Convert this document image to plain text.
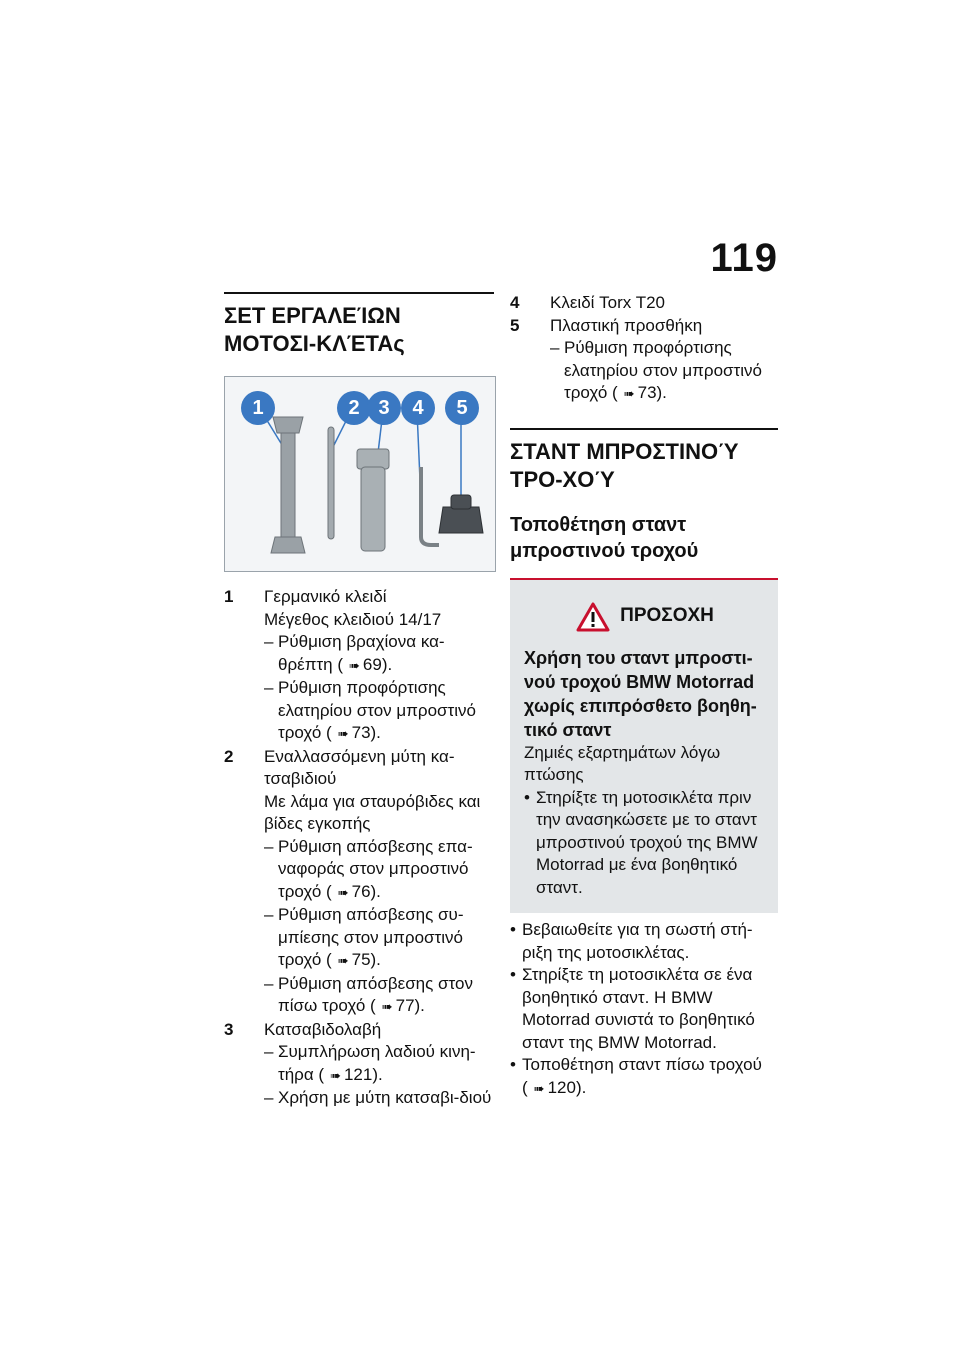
119
ΣΕΤ ΕΡΓΑΛΕΊΩΝ ΜΟΤΟΣΙ-ΚΛΈΤΑς
1	2 3	4	5
1	Γερμανικό κλειδί
Μέγεθος κλειδιού 14/17
– Ρύθμιση βραχίονα κα-θρέπτη ( ➠ 69).
– Ρύθμιση προφόρτισης ελατηρίου στον μπροστινό τροχό ( ➠ 73).
2	Εναλλασσόμενη μύτη κα-τσαβιδιού
Με λάμα για σταυρόβιδες και βίδες εγκοπής
– Ρύθμιση απόσβεσης επα-ναφοράς στον μπροστινό τροχό ( ➠ 76).
– Ρύθμιση απόσβεσης συ-μπίεσης στον μπροστινό τροχό ( ➠ 75).
– Ρύθμιση απόσβεσης στον πίσω τροχό ( ➠ 77).
3	Κατσαβιδολαβή
– Συμπλήρωση λαδιού κινη-τήρα ( ➠ 121).
– Χρήση με μύτη κατσαβι-διού
4	Κλειδί Torx T20
5	Πλαστική προσθήκη
– Ρύθμιση προφόρτισης ελατηρίου στον μπροστινό τροχό ( ➠ 73).
ΣΤΑΝΤ ΜΠΡΟΣΤΙΝΟΎ ΤΡΟ-ΧΟΎ
Τοποθέτηση σταντ μπροστινού τροχού
ΠΡΟΣΟΧΗ
Χρήση του σταντ μπροστι-νού τροχού BMW Motorrad χωρίς επιπρόσθετο βοηθη-τικό σταντ
Ζημιές εξαρτημάτων λόγω πτώσης
• Στηρίξτε τη μοτοσικλέτα πριν την ανασηκώσετε με το σταντ μπροστινού τροχού της BMW Motorrad με ένα βοηθητικό σταντ.
• Βεβαιωθείτε για τη σωστή στή-ριξη της μοτοσικλέτας.
• Στηρίξτε τη μοτοσικλέτα σε ένα βοηθητικό σταντ. Η BMW Motorrad συνιστά το βοηθητικό σταντ της BMW Motorrad.
• Τοποθέτηση σταντ πίσω τροχού
( ➠ 120).
